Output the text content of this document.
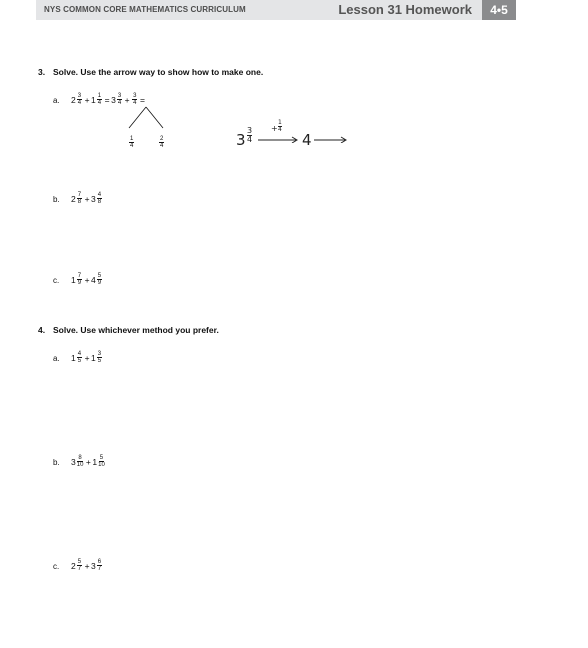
NYS COMMON CORE MATHEMATICS CURRICULUM	Lesson 31 Homework	4•5
3. Solve. Use the arrow way to show how to make one.
a. $2 \frac{3}{4} + 1 \frac{1}{4} = 3 \frac{3}{4} + \frac{3}{4}$ =
$\frac{1}{4}$	$\frac{2}{4}$	$3 \frac{3}{4} + \frac{1}{4}$
4
b. $2 \frac{7}{8} + 3 \frac{4}{8}$
c. $1 \frac{7}{9} + 4 \frac{5}{9}$
4. Solve. Use whichever method you prefer.
a. $1 \frac{4}{5} + 1 \frac{3}{5}$
b. $3 \frac{8}{10} + 1 \frac{5}{10}$
c. $2 \frac{5}{7} + 3 \frac{6}{7}$
